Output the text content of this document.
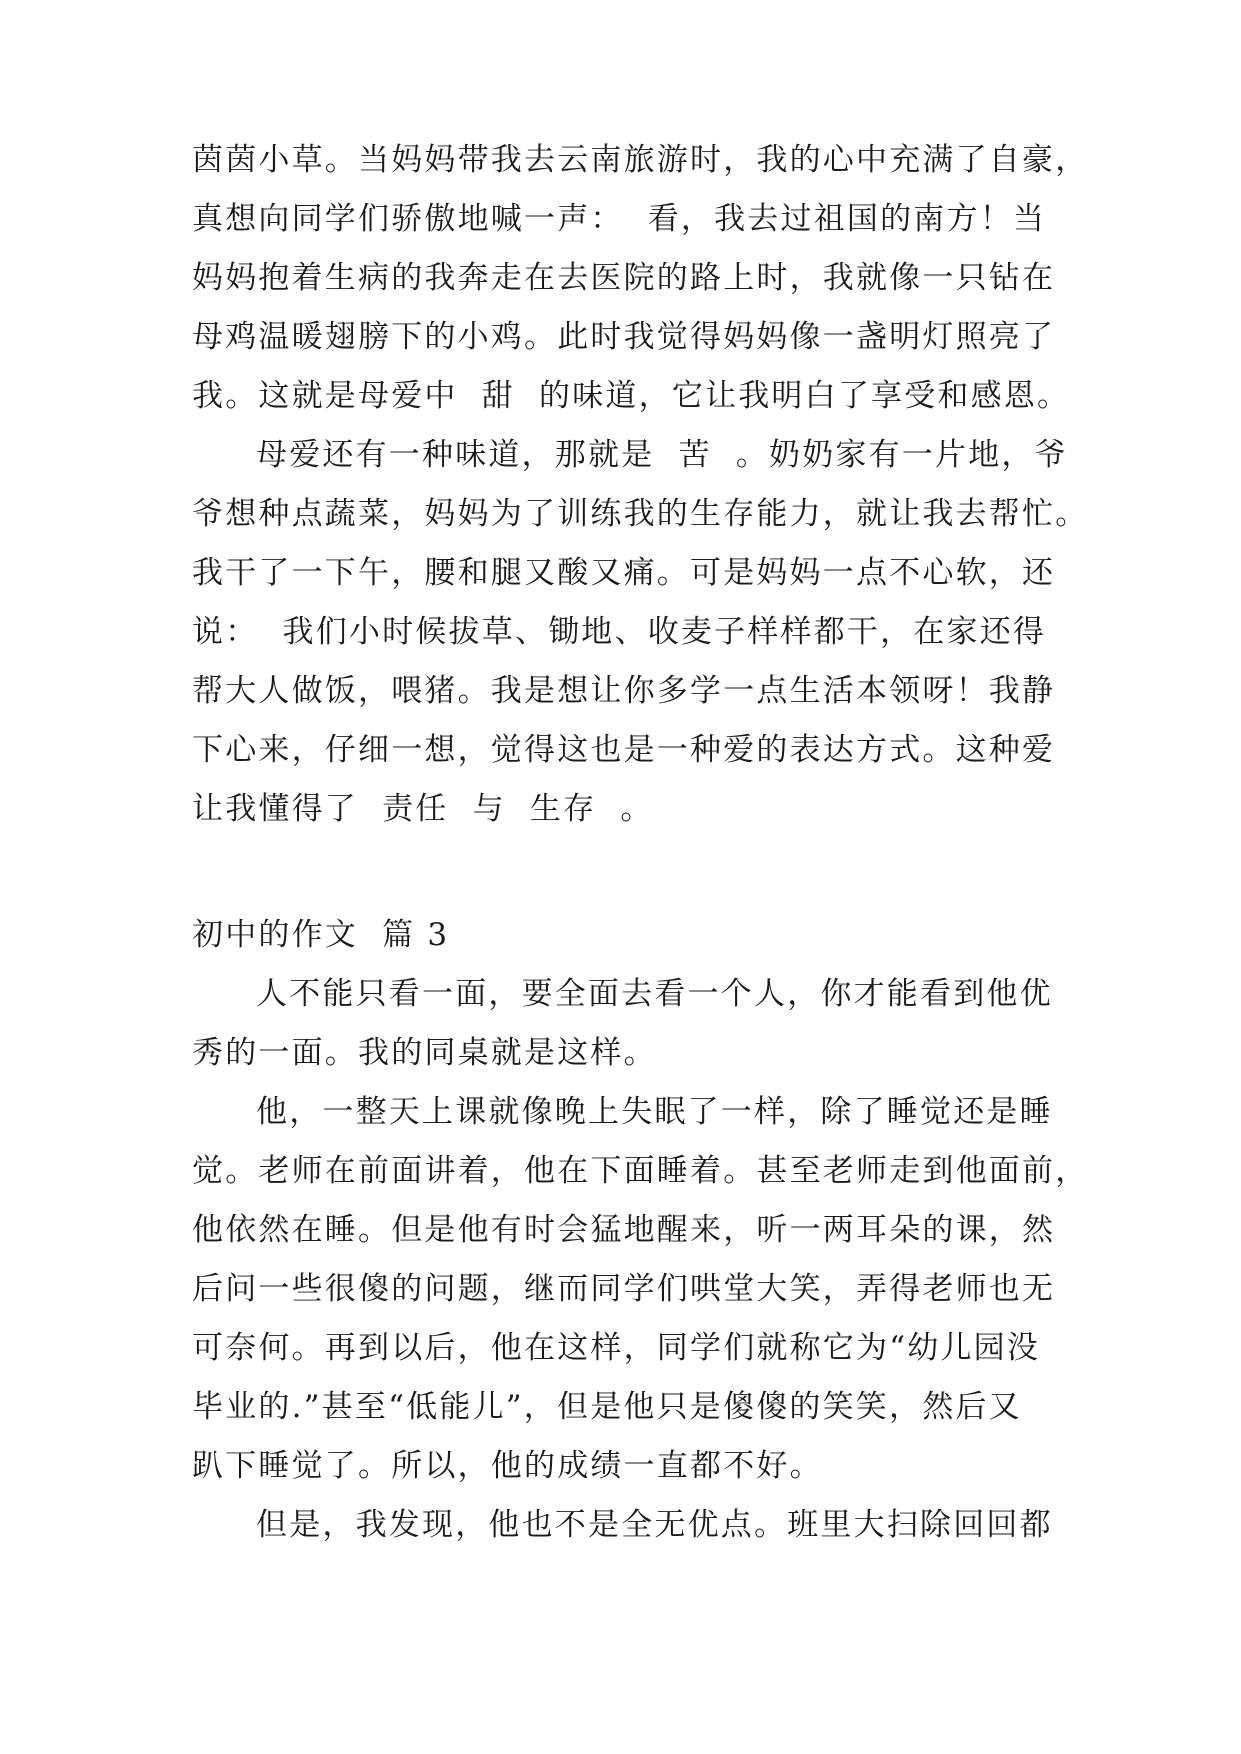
茵茵小草。当妈妈带我去云南旅游时，我的心中充满了自豪，
真想向同学们骄傲地喊一声：  看，我去过祖国的南方！当
妈妈抱着生病的我奔走在去医院的路上时，我就像一只钻在
母鸡温暖翅膀下的小鸡。此时我觉得妈妈像一盏明灯照亮了
我。这就是母爱中  甜  的味道，它让我明白了享受和感恩。
母爱还有一种味道，那就是  苦  。奶奶家有一片地，爷
爷想种点蔬菜，妈妈为了训练我的生存能力，就让我去帮忙。
我干了一下午，腰和腿又酸又痛。可是妈妈一点不心软，还
说：  我们小时候拔草、锄地、收麦子样样都干，在家还得
帮大人做饭，喂猪。我是想让你多学一点生活本领呀！我静
下心来，仔细一想，觉得这也是一种爱的表达方式。这种爱
让我懂得了  责任  与  生存  。
初中的作文  篇 3
人不能只看一面，要全面去看一个人，你才能看到他优
秀的一面。我的同桌就是这样。
他，一整天上课就像晚上失眠了一样，除了睡觉还是睡
觉。老师在前面讲着，他在下面睡着。甚至老师走到他面前，
他依然在睡。但是他有时会猛地醒来，听一两耳朵的课，然
后问一些很傻的问题，继而同学们哄堂大笑，弄得老师也无
可奈何。再到以后，他在这样，同学们就称它为“幼儿园没
毕业的.”甚至“低能儿”，但是他只是傻傻的笑笑，然后又
趴下睡觉了。所以，他的成绩一直都不好。
但是，我发现，他也不是全无优点。班里大扫除回回都
